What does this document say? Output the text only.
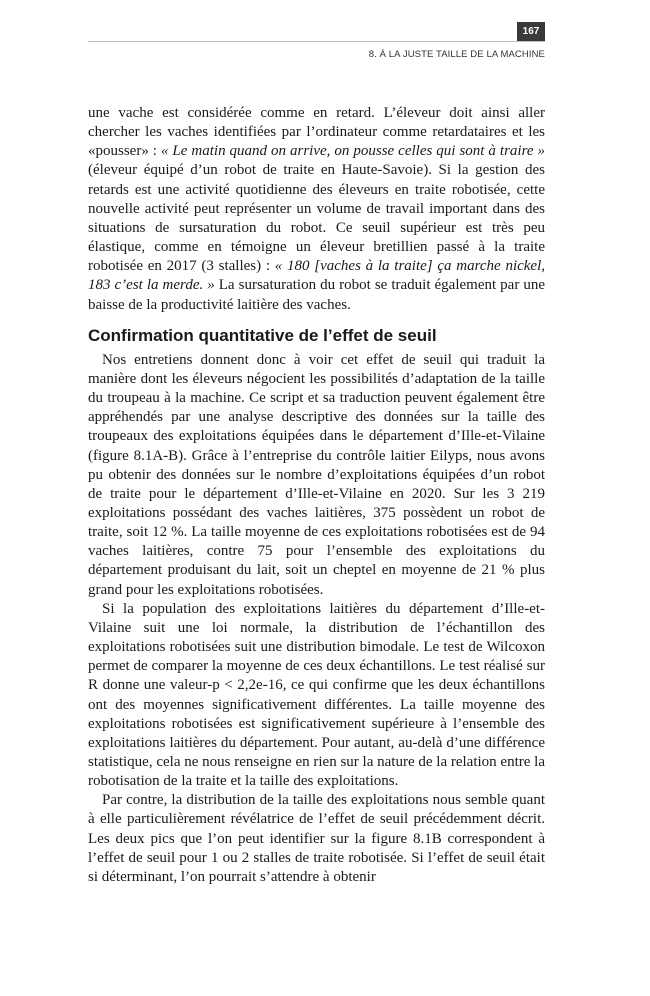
167
8. À LA JUSTE TAILLE DE LA MACHINE

une vache est considérée comme en retard. L’éleveur doit ainsi aller chercher les vaches identifiées par l’ordinateur comme retardataires et les «pousser» : « Le matin quand on arrive, on pousse celles qui sont à traire » (éleveur équipé d’un robot de traite en Haute-Savoie). Si la gestion des retards est une activité quotidienne des éleveurs en traite robotisée, cette nouvelle activité peut représenter un volume de travail important dans des situations de sursaturation du robot. Ce seuil supérieur est très peu élastique, comme en témoigne un éleveur bretillien passé à la traite robotisée en 2017 (3 stalles) : « 180 [vaches à la traite] ça marche nickel, 183 c’est la merde. » La sursaturation du robot se traduit également par une baisse de la productivité laitière des vaches.

Confirmation quantitative de l’effet de seuil

Nos entretiens donnent donc à voir cet effet de seuil qui traduit la manière dont les éleveurs négocient les possibilités d’adaptation de la taille du troupeau à la machine. Ce script et sa traduction peuvent également être appréhendés par une analyse descriptive des données sur la taille des troupeaux des exploitations équipées dans le département d’Ille-et-Vilaine (figure 8.1A-B). Grâce à l’entreprise du contrôle laitier Eilyps, nous avons pu obtenir des données sur le nombre d’exploitations équipées d’un robot de traite pour le département d’Ille-et-Vilaine en 2020. Sur les 3 219 exploitations possédant des vaches laitières, 375 possèdent un robot de traite, soit 12 %. La taille moyenne de ces exploitations robotisées est de 94 vaches laitières, contre 75 pour l’ensemble des exploitations du département produisant du lait, soit un cheptel en moyenne de 21 % plus grand pour les exploitations robotisées.

Si la population des exploitations laitières du département d’Ille-et-Vilaine suit une loi normale, la distribution de l’échantillon des exploitations robotisées suit une distribution bimodale. Le test de Wilcoxon permet de comparer la moyenne de ces deux échantillons. Le test réalisé sur R donne une valeur-p < 2,2e-16, ce qui confirme que les deux échantillons ont des moyennes significativement différentes. La taille moyenne des exploitations robotisées est significativement supérieure à l’ensemble des exploitations laitières du département. Pour autant, au-delà d’une différence statistique, cela ne nous renseigne en rien sur la nature de la relation entre la robotisation de la traite et la taille des exploitations.

Par contre, la distribution de la taille des exploitations nous semble quant à elle particulièrement révélatrice de l’effet de seuil précédemment décrit. Les deux pics que l’on peut identifier sur la figure 8.1B correspondent à l’effet de seuil pour 1 ou 2 stalles de traite robotisée. Si l’effet de seuil était si déterminant, l’on pourrait s’attendre à obtenir
